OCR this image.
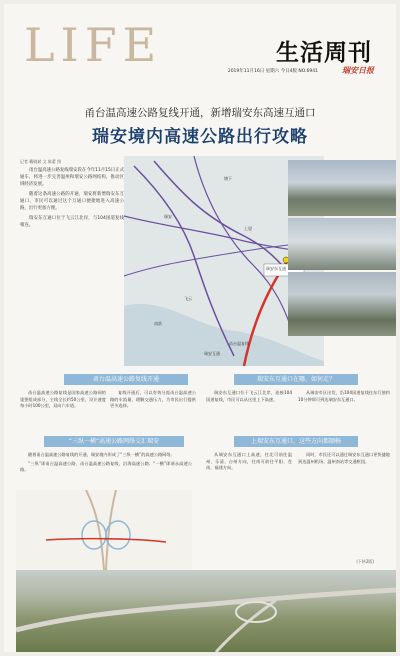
LIFE	生活周刊
2019年11月16日 星期六 今日4版 NO.6941	瑞安日报
甬台温高速公路复线开通，新增瑞安东高速互通口
瑞安境内高速公路出行攻略
记者 戴晓斌 文 陈蕾 图

甬台温高速公路复线瑞安段在今年11月15日正式通车，将进一步完善温州和瑞安公路网结构，推动区域经济发展。

随着这条高速公路的开通，瑞安将新增瑞安东互通口，市民可以通过这个互通口便捷地进入高速公路，出行更加方便。

瑞安东互通口位于飞云江北岸，与104国道复线相连。

瑞安
上望
塘下
飞云
南滨
瑞安东互通
甬台温复线
瑞安互通
甬台温高速公路复线开通	瑞安东互通口在哪，如何走？

甬台温高速公路复线是国家高速公路网的重要组成部分，主线全长约50公里，设计速度每小时100公里，双向六车道。

复线开通后，可以有效分流甬台温高速公路的车流量，缓解交通压力，为市民出行提供更多选择。

瑞安东互通口位于飞云江北岸，连接104国道复线，市民可以从这里上下高速。

从瑞安市区出发，沿104国道复线往东行驶约10分钟即可到达瑞安东互通口。

“三纵一横”高速公路网络交汇瑞安	上瑞安东互通口，这些方向都顺畅

随着甬台温高速公路复线的开通，瑞安境内形成了“三纵一横”的高速公路网络。

“三纵”即甬台温高速公路、甬台温高速公路复线、沿海高速公路；“一横”即诸永高速公路。

从瑞安东互通口上高速，往北可前往温州、乐清、台州方向，往南可前往平阳、苍南、福建方向。

同时，市民还可以通过瑞安东互通口更快捷地到达温州机场、温州南站等交通枢纽。

(下转2版)
